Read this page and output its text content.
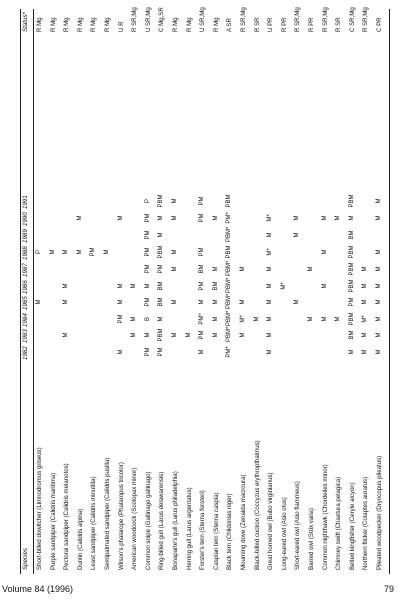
Species
1982
1983
1984
1985
1986
1987
1988
1989
1990
1991
Status*
Short-billed dowitcher (Limnodromus griseus)
M
P
R Mg
Purple sandpiper (Calidris maritima)
M
R Mg
Pectoral sandpiper (Calidris melanotos)
M
M
M
M
R Mg
Dunlin (Calidris alpina)
M
M
R Mg
Least sandpiper (Calidris minutilla)
PM
R Mg
Semipalmated sandpiper (Calidris pusilla)
M
R Mg
Wilson's phalarope (Phalaropus tricolor)
M
PM
M
M
M
U R
American woodcock (Scolopax minor)
M
M
M
R SR,Mg
Common snipe (Gallinago gallinago)
PM
M
B
PM
M
PM
PM
PM
PM
P
U SR,Mg
Ring-billed gull (Larus delawarensis)
PM
PBM
M
BM
BM
PM
PBM
M
M
PBM
C Mg,SR
Bonaparte's gull (Larus philadelphia)
M
M
M
M
M
M
R Mg
Herring gull (Larus argentatus)
M
R Mg
Forster's tern (Sterna forsteri)
M
PM
PM*
M
PM
BM
PM
PM
PM
U SR,Mg
Caspian tern (Sterna caspia)
M
M
M
BM
M
M
R Mg
Black tern (Chlidonias niger)
PM*
PBM*
PBM*
PBM*
PBM*
PBM*
PBM
PBM*
PM*
PBM
A SR
Mourning dove (Zenaida macroura)
M
M*
M
M
R SR,Mg
Black-billed cuckoo (Coccyzus erythropthalmus)
M
R SR
Great horned owl (Bubo virginianus)
M
M
M
M
M
M
M*
M
M*
U PR
Long-eared owl (Asio otus)
M*
R PR
Short-eared owl (Asio flammeus)
M
M
M
R SR,Mg
Barred owl (Strix varia)
M
M
R PR
Common nighthawk (Chordeiles minor)
M
M
M
M
R SR,Mg
Chimney swift (Chaetura pelagica)
M
M
R SR
Belted kingfisher (Ceryle alcyon)
M
BM
PBM
PM
PBM
PBM
PBM
BM
M
PBM
C SR,Mg
Northern flicker (Colaptes auratus)
M
M
M*
M
M
M
R SR,Mg
Pileated woodpecker (Dryocopus pileatus)
M
M
M
M
M
M
M
M
M
C PR
Volume 84 (1996)	79
